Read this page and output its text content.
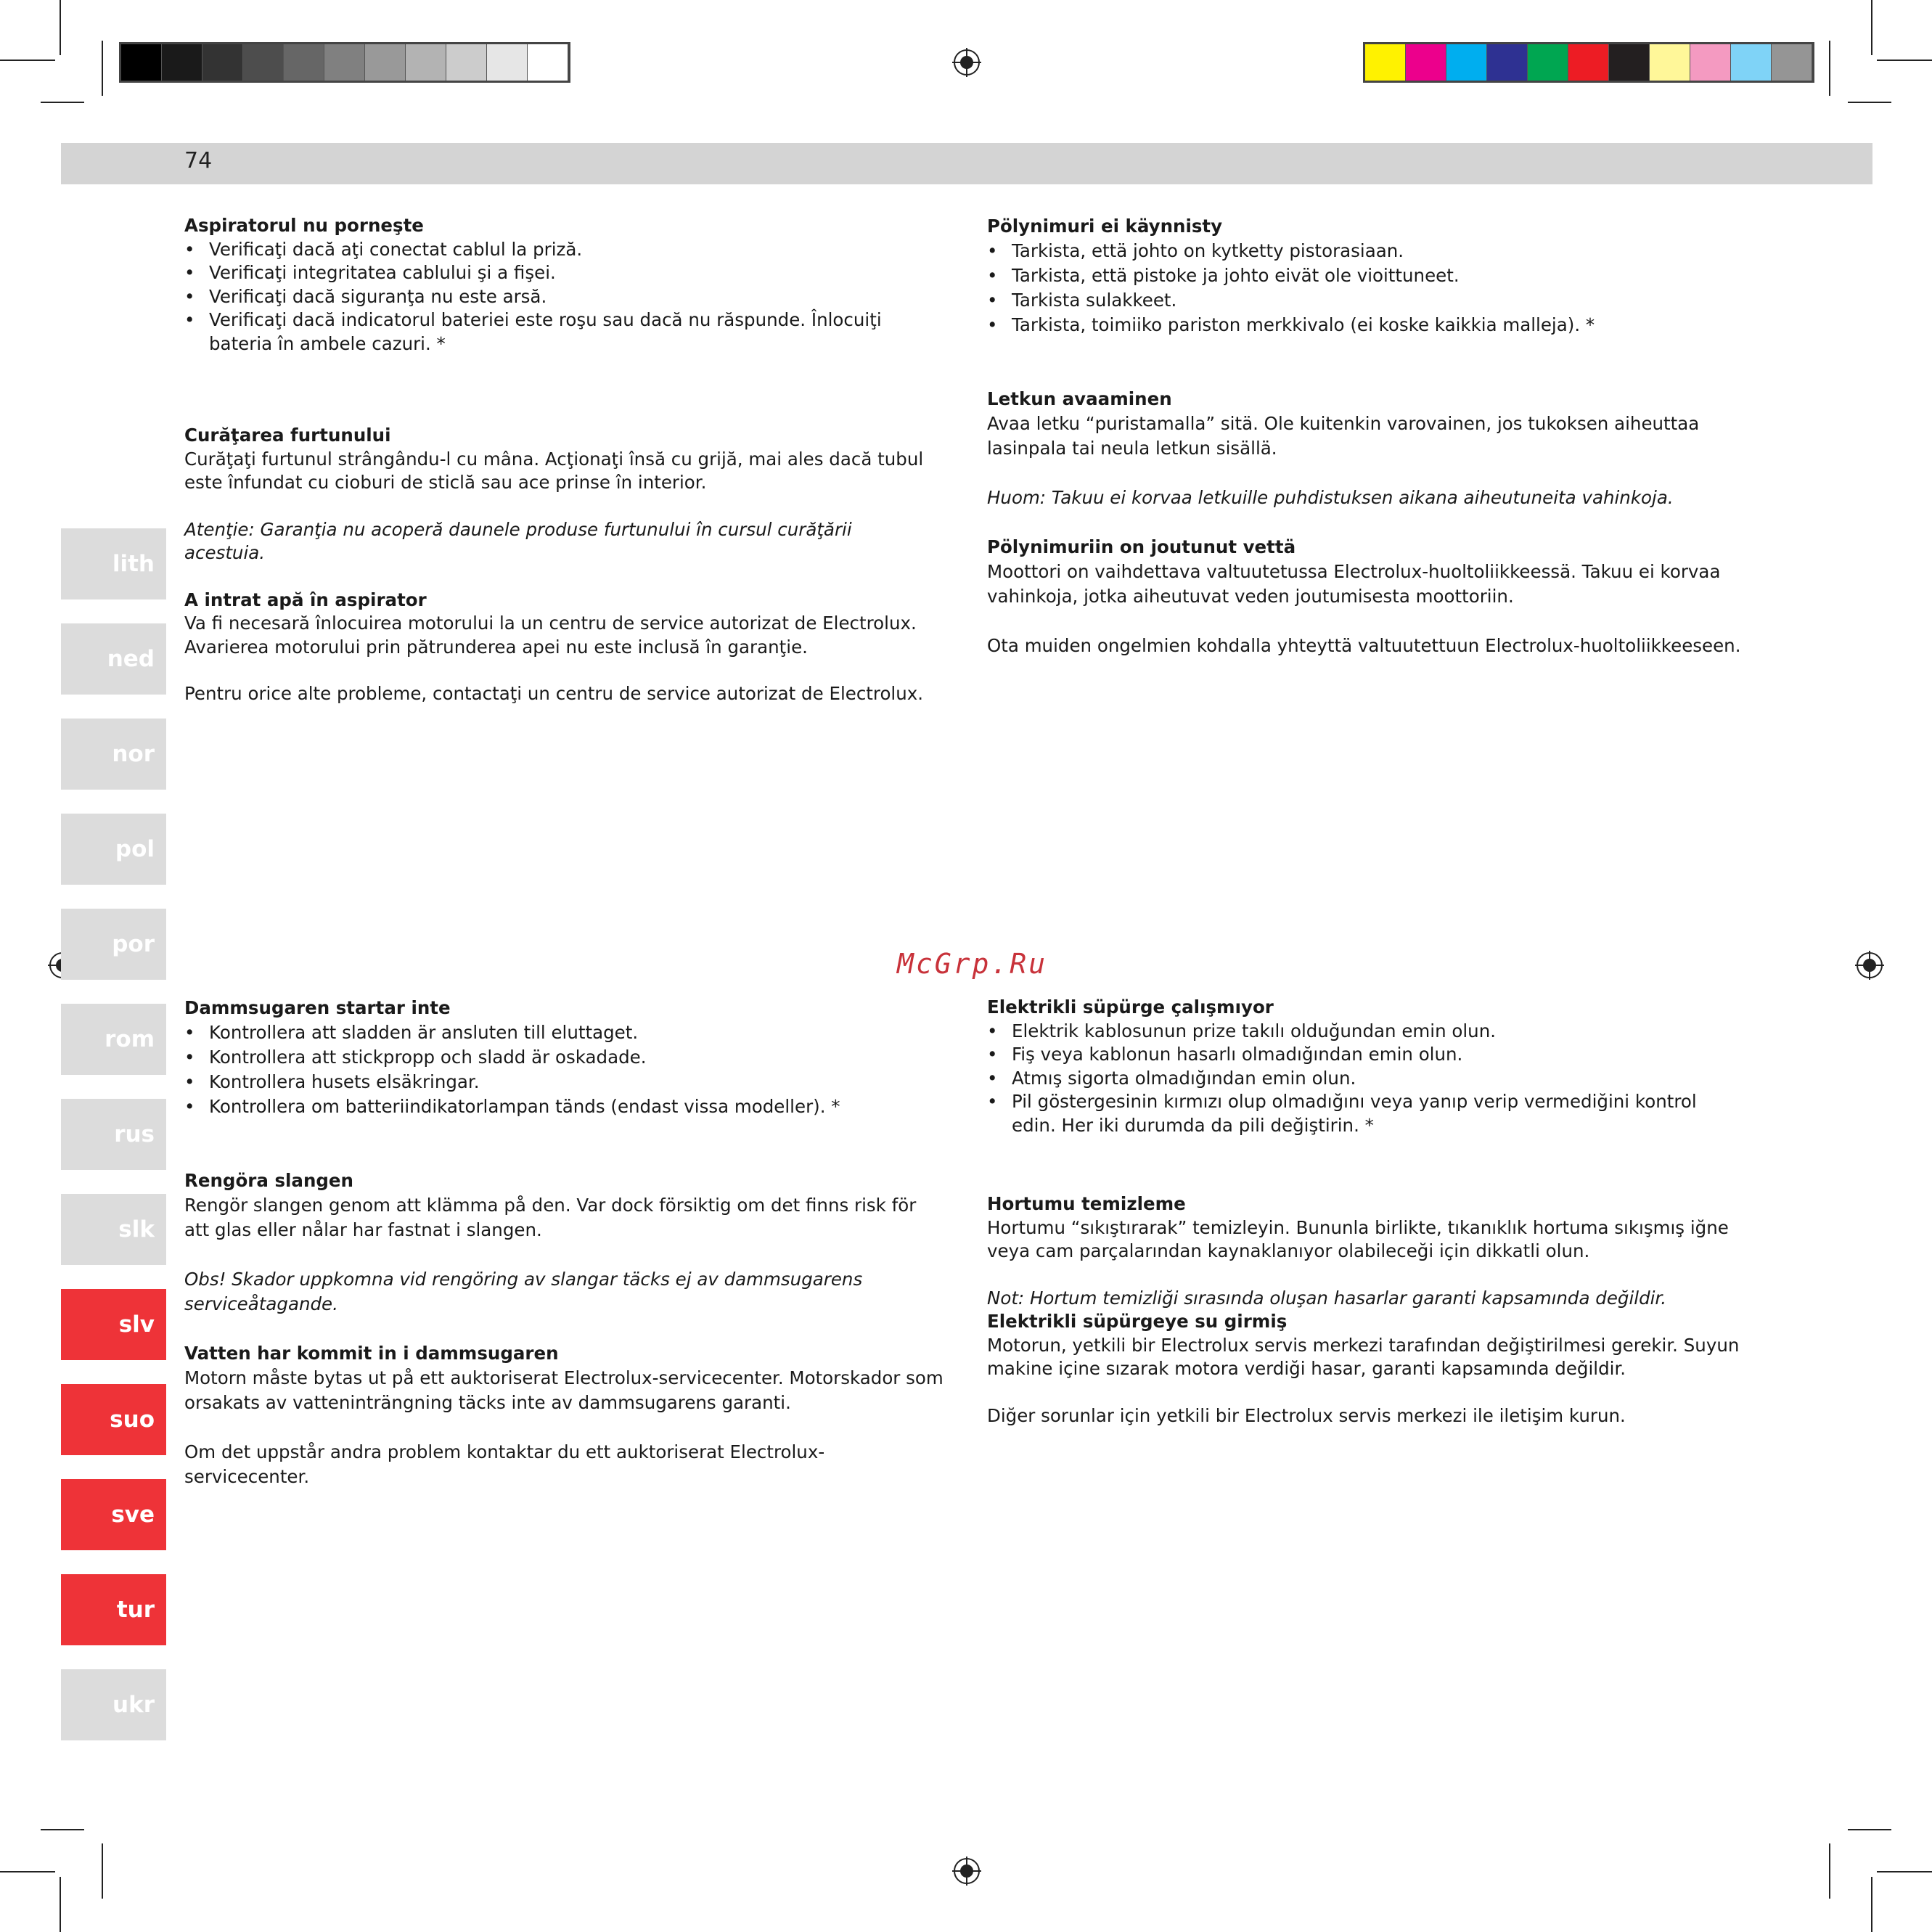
74
lith
ned
nor
pol
por
rom
rus
slk
slv
suo
sve
tur
ukr
Aspiratorul nu porneşte
• Verificaţi dacă aţi conectat cablul la priză.
• Verificaţi integritatea cablului şi a fişei.
• Verificaţi dacă siguranţa nu este arsă.
• Verificaţi dacă indicatorul bateriei este roşu sau dacă nu răspunde. Înlocuiţi bateria în ambele cazuri. *
Curăţarea furtunului

Curăţaţi furtunul strângându-l cu mâna. Acţionaţi însă cu grijă, mai ales dacă tubul este înfundat cu cioburi de sticlă sau ace prinse în interior.

Atenţie: Garanţia nu acoperă daunele produse furtunului în cursul curăţării acestuia.

A intrat apă în aspirator

Va fi necesară înlocuirea motorului la un centru de service autorizat de Electrolux. Avarierea motorului prin pătrunderea apei nu este inclusă în garanţie.

Pentru orice alte probleme, contactaţi un centru de service autorizat de Electrolux.

Pölynimuri ei käynnisty
• Tarkista, että johto on kytketty pistorasiaan.
• Tarkista, että pistoke ja johto eivät ole vioittuneet.
• Tarkista sulakkeet.
• Tarkista, toimiiko pariston merkkivalo (ei koske kaikkia malleja). *
Letkun avaaminen

Avaa letku “puristamalla” sitä. Ole kuitenkin varovainen, jos tukoksen aiheuttaa lasinpala tai neula letkun sisällä.

Huom: Takuu ei korvaa letkuille puhdistuksen aikana aiheutuneita vahinkoja.

Pölynimuriin on joutunut vettä

Moottori on vaihdettava valtuutetussa Electrolux-huoltoliikkeessä. Takuu ei korvaa vahinkoja, jotka aiheutuvat veden joutumisesta moottoriin.

Ota muiden ongelmien kohdalla yhteyttä valtuutettuun Electrolux-huoltoliikkeeseen.

McGrp.Ru
Dammsugaren startar inte
• Kontrollera att sladden är ansluten till eluttaget.
• Kontrollera att stickpropp och sladd är oskadade.
• Kontrollera husets elsäkringar.
• Kontrollera om batteriindikatorlampan tänds (endast vissa modeller). *
Rengöra slangen

Rengör slangen genom att klämma på den. Var dock försiktig om det finns risk för att glas eller nålar har fastnat i slangen.

Obs! Skador uppkomna vid rengöring av slangar täcks ej av dammsugarens serviceåtagande.

Vatten har kommit in i dammsugaren

Motorn måste bytas ut på ett auktoriserat Electrolux-servicecenter. Motorskador som orsakats av vatteninträngning täcks inte av dammsugarens garanti.

Om det uppstår andra problem kontaktar du ett auktoriserat Electrolux-servicecenter.

Elektrikli süpürge çalışmıyor
• Elektrik kablosunun prize takılı olduğundan emin olun.
• Fiş veya kablonun hasarlı olmadığından emin olun.
• Atmış sigorta olmadığından emin olun.
• Pil göstergesinin kırmızı olup olmadığını veya yanıp verip vermediğini kontrol edin. Her iki durumda da pili değiştirin. *
Hortumu temizleme

Hortumu “sıkıştırarak” temizleyin. Bununla birlikte, tıkanıklık hortuma sıkışmış iğne veya cam parçalarından kaynaklanıyor olabileceği için dikkatli olun.

Not: Hortum temizliği sırasında oluşan hasarlar garanti kapsamında değildir.

Elektrikli süpürgeye su girmiş

Motorun, yetkili bir Electrolux servis merkezi tarafından değiştirilmesi gerekir. Suyun makine içine sızarak motora verdiği hasar, garanti kapsamında değildir.

Diğer sorunlar için yetkili bir Electrolux servis merkezi ile iletişim kurun.
